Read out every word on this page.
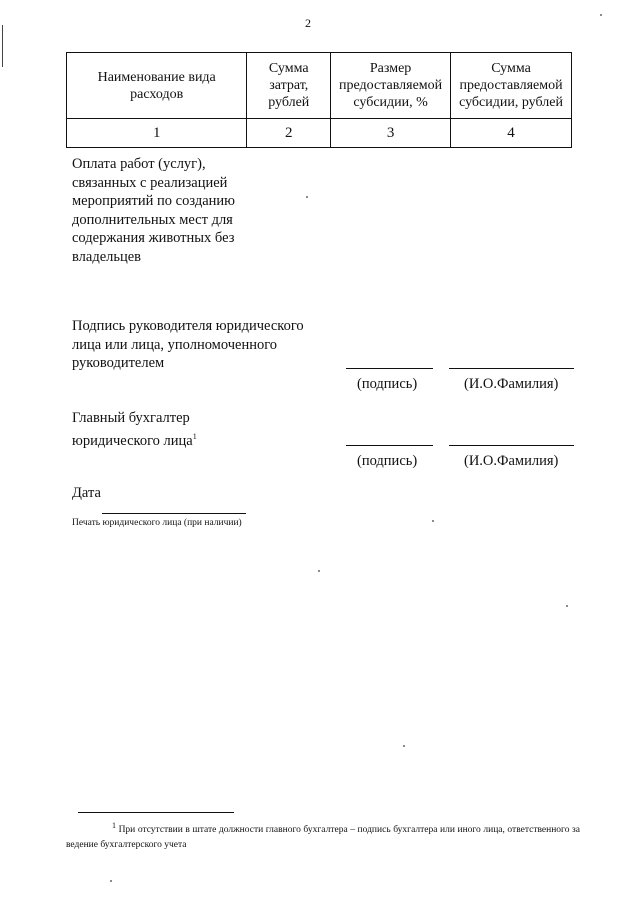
2
Наименование вида расходов	Сумма затрат, рублей	Размер предоставляемой субсидии, %	Сумма предоставляемой субсидии, рублей
1	2	3	4
Оплата работ (услуг),
связанных с реализацией
мероприятий по созданию
дополнительных мест для
содержания животных без
владельцев
Подпись руководителя юридического
лица или лица, уполномоченного
руководителем
(подпись)	(И.О.Фамилия)
Главный бухгалтер
юридического лица$^1$
(подпись)	(И.О.Фамилия)
Дата
Печать юридического лица (при наличии)
$^1$ При отсутствии в штате должности главного бухгалтера – подпись бухгалтера или иного лица, ответственного за ведение бухгалтерского учета
